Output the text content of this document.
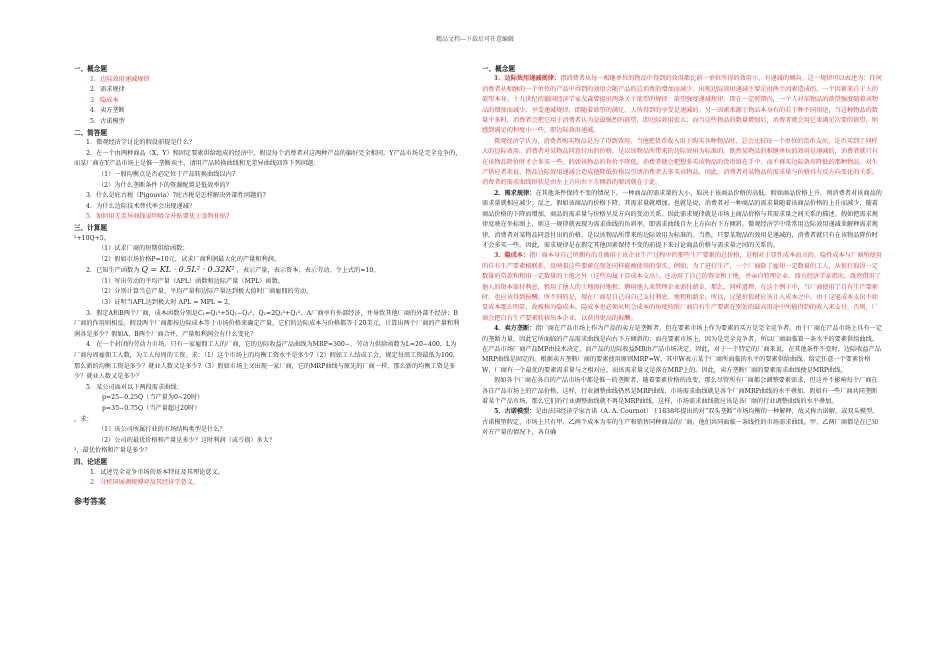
精品文档---下载后可任意编辑
一、概念题
1．边际效用递减规律
2．需求规律
3．隐成本
4．卖方垄断
5．古诺模型
二、简答题
1．微观经济学讨论的假设前提是什么？
2．在一个由两种商品（X，Y）和固定要素供给组成的经济中，假设每个消费者对这两种产品的偏好完全相同，Y产品市场是完全竞争的，而某厂商在Y产品市场上是惟一垄断卖主，请用产品转换曲线和无差异曲线回答下列问题：
（1）一般均衡点是否必定位于产品转换曲线以内?
（2）为什么垄断条件下的资源配置是低效率的?
3．什么是庇古税（Pigouvia）?庇古税是怎样解决外部性问题的?
4．为什么边际技术替代率会出现递减？
5．如何用无差异曲线说明吸金补贴要优于食物补贴?
三、计算题
²+10Q+5。
（1）试求厂商的短期供给函数；
（2）假如市场价格P=10元，试求厂商利润最大化的产量和利润。
2．已知生产函数为 Q = KL · 0.5L² · 0.32K² ，表示产量，表示资本，表示劳动。令上式的=10。
（1）写出劳动的平均产量（APL）函数和边际产量（MPL）函数。
（2）分别计算当总产量、平均产量和边际产量达到极大值时厂商雇佣的劳动。
（3）证明当APL达到极大时 APL = MPL = 2。
3．假定A和B两个厂商，成本函数分别是C₁=Q₁²+5Q₁−Q₂²，Q₂=2Q₂²+Q₁²。A厂商享有外部经济，并导致其他厂商的外部不经济；B厂商的作用则相反。假设两个厂商都按边际成本等于市场价格来确定产量，它们的边际成本与价格都等于20美元，计算出两个厂商的产量和利润各是多少？假如A、B两个厂商合并，产量和利润会有什么变化？
4．在一个封闭的劳动力市场，只有一家雇佣工人的厂商，它的边际收益产品曲线为MRP=300−，劳动力供给函数为L=20−400，L为厂商每周雇佣工人数，为工人每周的工资。求：（1）这个市场上的均衡工资水平是多少?（2）假如工人结成工会，规定每周工资最低为100，那么新的均衡工资是多少？就业人数又是多少?（3）假如市场上又出现一家厂商，它的MRP曲线与原先的厂商一样，那么新的均衡工资是多少？就业人数又是多少？
5．某公司面对以下两段需求曲线：
p=25−0.25Q（当产量为0~20时）
p=35−0.75Q（当产量超过20时）
，求：
（1）该公司所属行业的市场结构类型是什么？
（2）公司的最优价格和产量是多少？这时利润（或亏损）多大？
²，最优价格和产量是多少？
四、论述题
1．试述完全竞争市场的基本特征及其理论意义。
2．分析国展调规博弈及其经济学意义。
参考答案
一、概念题
1．边际效用递减规律：指消费者从每一相继单位的物品中得到的效用都比前一单位所得的效用小，有递减的倾向。这一规律可以表述为：任何消费者从相继的一个单位的产品中得到的效用会随产品的总消费的增加而减少。出现边际效用递减主要是由两个因素造成的。一个因素来自于人的欲望本身。十九世纪的德国经济学家戈森曾提出两条关于欲望的规律：欲望强度递减规律，即在一定时期内，一个人对某物品的欲望强度随着该物品的增加而减少；享受递减规律，即随着欲望的满足，人所得到的享受是递减的。另一因素来源于物品本身有的若干种不同用途，当这种物品的数量不多时，消费者会把它用于消费者认为是最强烈的欲望，即边际效用很大；而当这些物品的数量增加后，消费者就会用它来满足次要的欲望，则感到满足的程度小一些，即边际效用递减。
微观经济学认为，消费者购买物品是为了得到效用。当他把货币收入用于购买各种物品时，总会比较每一个单位的货币支出，是否买到了同样大的边际效用。消费者对某物品同意付出的价格，是以该物品所带来的边际效用为标准的。既然某物品的相继单位的效用是递减的，消费者就只有在该物品降价时才会多买一些。假如该物品的售价不降低，消费者就会把想多买该物品的货币留在手中，而不再买边际效用降低的那种物品。对生产供应者来说，物品边际效用递减会造成他降低价格以引诱消费者去多买该物品。因此，消费者对某物品的需求量与价格具有反方向变化的关系。消费者的需求曲线形状是由左上方向右下方倾斜的原因就在于此。
2．需求规律：在其他条件保持不变的情况下，一种商品的需求量的大小，取决于该商品价格的高低。假如商品价格上升，则消费者对该商品的需求量就相应减少；反之，假如该商品的价格下降，其需求量就增加。也就是说，消费者对一种商品的需求量随着该商品价格的上升而减少，随着商品价格的下降而增加，商品的需求量与价格呈反方向的变动关系。因此需求规律就是市场上商品价格与其需求量之间关系的描述。假如把需求规律反映在坐标图上，则这一规律就表现为需求曲线的负斜率，即需求曲线自左上方向右下方倾斜。微观经济学中常常用边际效用递减来解释需求规律。消费者对某物品同意付出的价格，是以该物品所带来的边际效用为标准的。当然，只要某物品的效用是递减的，消费者就只有在该物品降价时才会多买一些。因此，需求规律是在假定其他因素保持不变的前提下来讨论商品价格与需求量之间的关系的。
3．隐成本：指厂商本身自己所拥有的且被用于该企业生产过程中的那些生产要素的总价格，是相对于显性成本而言的。隐性成本与厂商所使用的自有生产要素相联系，反映着这些要素在别处同样能被使用的事实。例如，为了进行生产，一个厂商除了雇用一定数量的工人，从银行取得一定数量的贷款和租用一定数量的土地之外（这些均属于显成本支出），还动用了自己的资金和土地，并亲自管理企业。西方经济学家指出，既然借用了他人的资本需付利息，租用了他人的土地需付地租，聘用他人来管理企业需付薪金，那么，同样道理，在这个例子中，当厂商使用了自有生产要素时，也应该得到报酬。所不同的是，现在厂商是自己向自己支付利息、地租和薪金。所以，这笔价值就应该计入成本之中。由于这笔成本支出不如显成本那么明显，故被称为隐成本。隐成本也必须从机会成本的角度按照厂商自有生产要素在别处的最高用途中所能得到的收入来支付，否则，厂商会把自有生产要素转移出本企业，以获得更高的报酬。
4．卖方垄断：指厂商在产品市场上作为产品的卖方是垄断者，但在要素市场上作为要素的买方是完全竞争者。由于厂商在产品市场上具有一定的垄断力量，因此它所面临的产品需求曲线是向右下方倾斜的；而在要素市场上，因为是完全竞争者，所以厂商面临着一条水平的要素供给曲线。在产品市场厂商产品MP由技术决定，而产品的边际收益MR由产品市场决定，因此，对于一个特定的厂商来说，在其他条件不变时，边际收益产品MRP曲线是固定的。根据卖方垄断厂商的要素使用原则MRP=W，其中W表示某个厂商所面临的水平的要素供给曲线。给定任意一个要素价格W，厂商有一个最优的要素需求量与之相对应，而该需求量又是落在MRP上的。因此，卖方垄断厂商的要素需求曲线便是MRP曲线。
假如各个厂商在各自的产品市场中都是惟一的垄断者，随着要素价格的改变，那么尽管所有厂商都会调整要素需求，但这并不影响每个厂商在各自产品市场上的产品价格，这样，行业调整曲线仍然是MRP曲线，市场需求曲线就是各个厂商MRP曲线的水平叠加。假如有一些厂商共同垄断着某个产品市场，那么它们的行业调整曲线就不再是MRP曲线，这样，市场需求曲线就应该是各厂商的行业调整曲线的水平叠加。
5．古诺模型：是由法国经济学家古诺（A. A. Cournot）于1838年提出的对“双头垄断”市场均衡的一种解释，故又称古诺解，或双头模型。古诺模型假定，市场上只有甲、乙两个成本为零的生产和销售同种商品的厂商，他们共同面临一条线性的市场需求曲线。甲、乙两厂商都是在已知对方产量的情况下，各自确
